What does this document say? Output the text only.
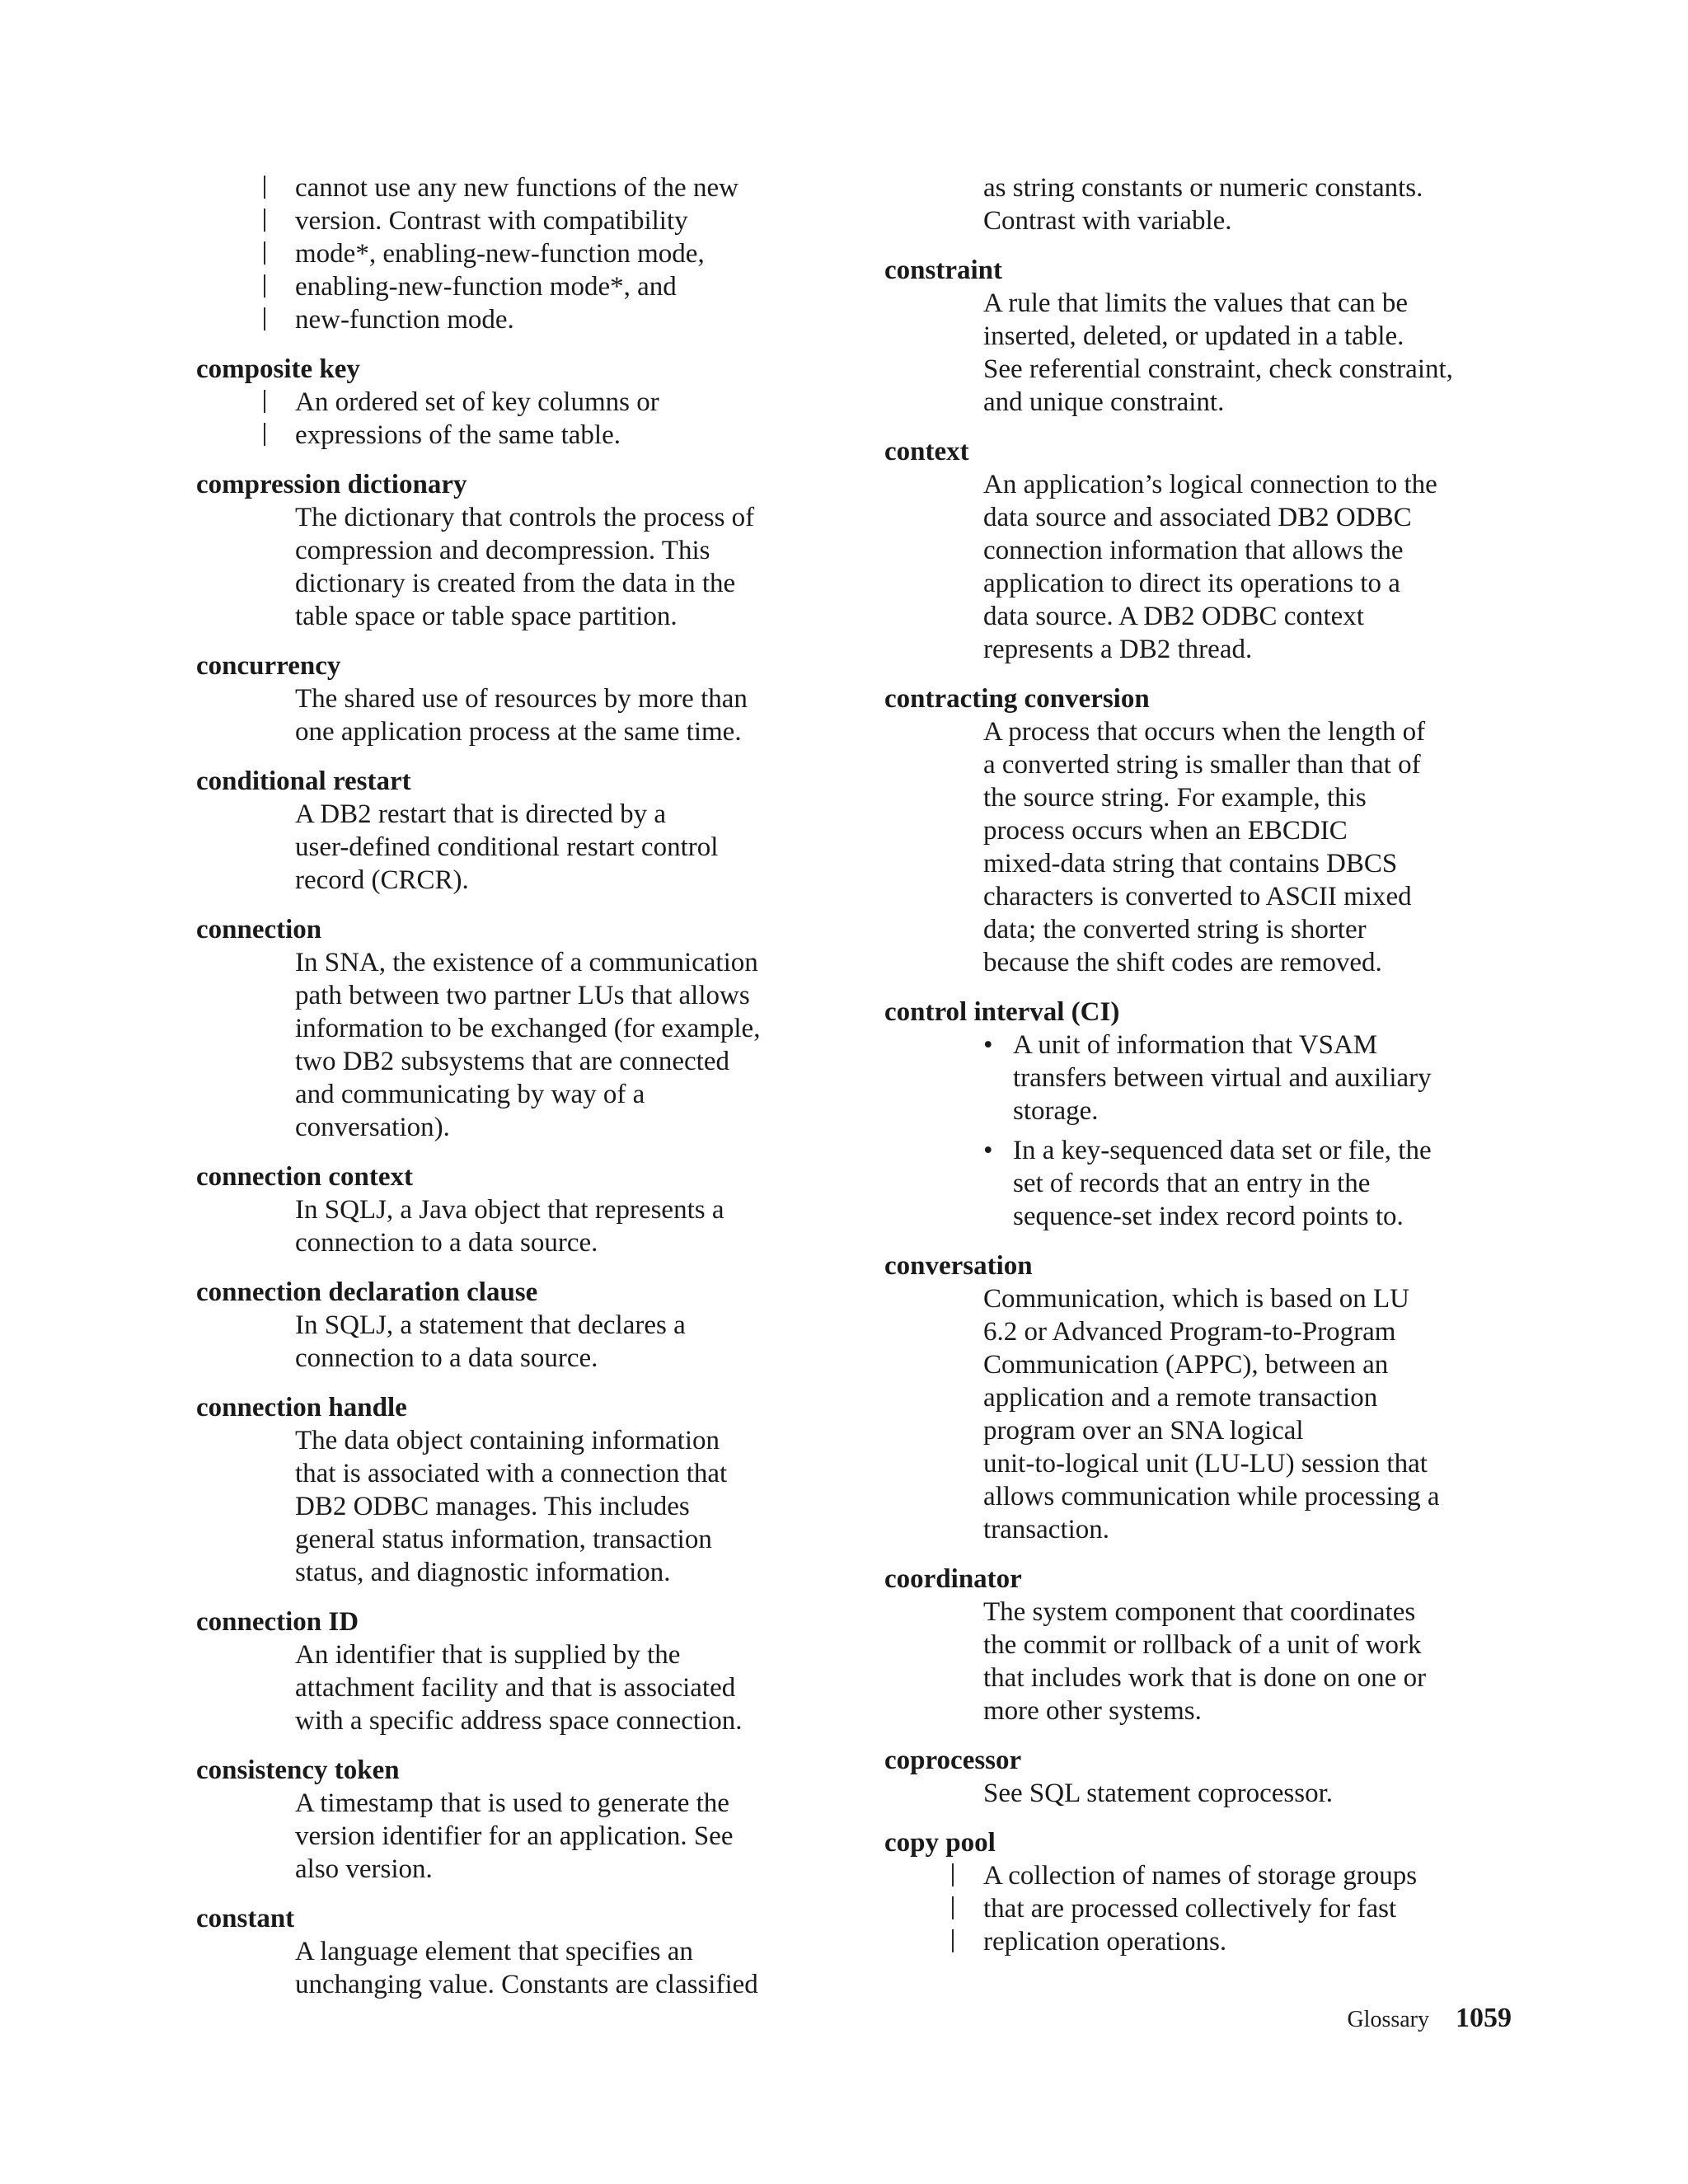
cannot use any new functions of the new
version. Contrast with compatibility
mode*, enabling-new-function mode,
enabling-new-function mode*, and
new-function mode.
composite key
An ordered set of key columns or
expressions of the same table.
compression dictionary
The dictionary that controls the process of
compression and decompression. This
dictionary is created from the data in the
table space or table space partition.
concurrency
The shared use of resources by more than
one application process at the same time.
conditional restart
A DB2 restart that is directed by a
user-defined conditional restart control
record (CRCR).
connection
In SNA, the existence of a communication
path between two partner LUs that allows
information to be exchanged (for example,
two DB2 subsystems that are connected
and communicating by way of a
conversation).
connection context
In SQLJ, a Java object that represents a
connection to a data source.
connection declaration clause
In SQLJ, a statement that declares a
connection to a data source.
connection handle
The data object containing information
that is associated with a connection that
DB2 ODBC manages. This includes
general status information, transaction
status, and diagnostic information.
connection ID
An identifier that is supplied by the
attachment facility and that is associated
with a specific address space connection.
consistency token
A timestamp that is used to generate the
version identifier for an application. See
also version.
constant
A language element that specifies an
unchanging value. Constants are classified
as string constants or numeric constants.
Contrast with variable.
constraint
A rule that limits the values that can be
inserted, deleted, or updated in a table.
See referential constraint, check constraint,
and unique constraint.
context
An application’s logical connection to the
data source and associated DB2 ODBC
connection information that allows the
application to direct its operations to a
data source. A DB2 ODBC context
represents a DB2 thread.
contracting conversion
A process that occurs when the length of
a converted string is smaller than that of
the source string. For example, this
process occurs when an EBCDIC
mixed-data string that contains DBCS
characters is converted to ASCII mixed
data; the converted string is shorter
because the shift codes are removed.
control interval (CI)
• A unit of information that VSAM
transfers between virtual and auxiliary
storage.
• In a key-sequenced data set or file, the
set of records that an entry in the
sequence-set index record points to.
conversation
Communication, which is based on LU
6.2 or Advanced Program-to-Program
Communication (APPC), between an
application and a remote transaction
program over an SNA logical
unit-to-logical unit (LU-LU) session that
allows communication while processing a
transaction.
coordinator
The system component that coordinates
the commit or rollback of a unit of work
that includes work that is done on one or
more other systems.
coprocessor
See SQL statement coprocessor.
copy pool
A collection of names of storage groups
that are processed collectively for fast
replication operations.
Glossary 1059
